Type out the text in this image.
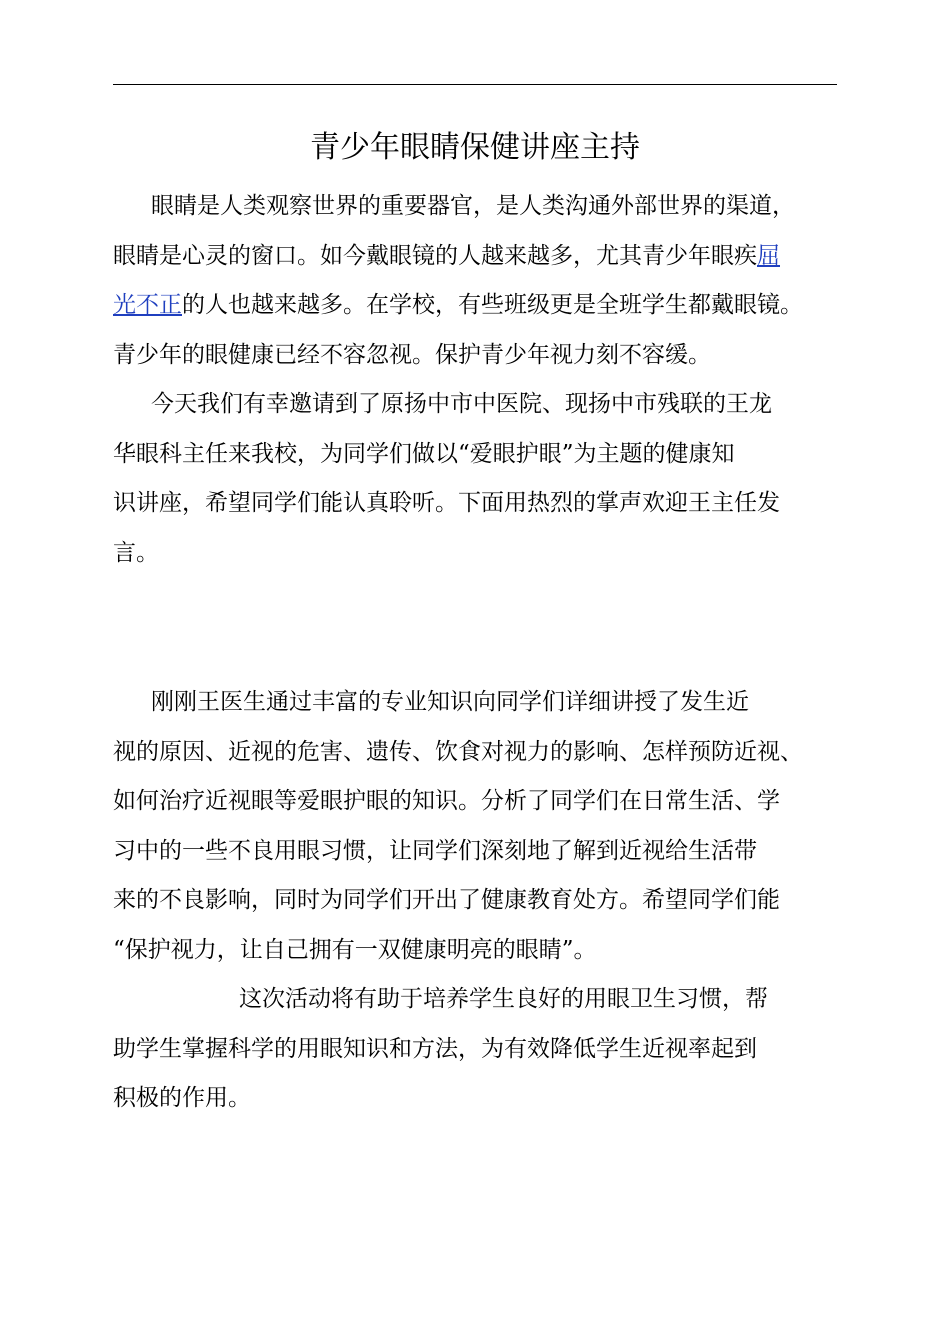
青少年眼睛保健讲座主持
眼睛是人类观察世界的重要器官，是人类沟通外部世界的渠道，
眼睛是心灵的窗口。如今戴眼镜的人越来越多，尤其青少年眼疾屈
光不正的人也越来越多。在学校，有些班级更是全班学生都戴眼镜。
青少年的眼健康已经不容忽视。保护青少年视力刻不容缓。
今天我们有幸邀请到了原扬中市中医院、现扬中市残联的王龙
华眼科主任来我校，为同学们做以“爱眼护眼”为主题的健康知
识讲座，希望同学们能认真聆听。下面用热烈的掌声欢迎王主任发
言。
刚刚王医生通过丰富的专业知识向同学们详细讲授了发生近
视的原因、近视的危害、遗传、饮食对视力的影响、怎样预防近视、
如何治疗近视眼等爱眼护眼的知识。分析了同学们在日常生活、学
习中的一些不良用眼习惯，让同学们深刻地了解到近视给生活带
来的不良影响，同时为同学们开出了健康教育处方。希望同学们能
“保护视力，让自己拥有一双健康明亮的眼睛”。
这次活动将有助于培养学生良好的用眼卫生习惯，帮
助学生掌握科学的用眼知识和方法，为有效降低学生近视率起到
积极的作用。
